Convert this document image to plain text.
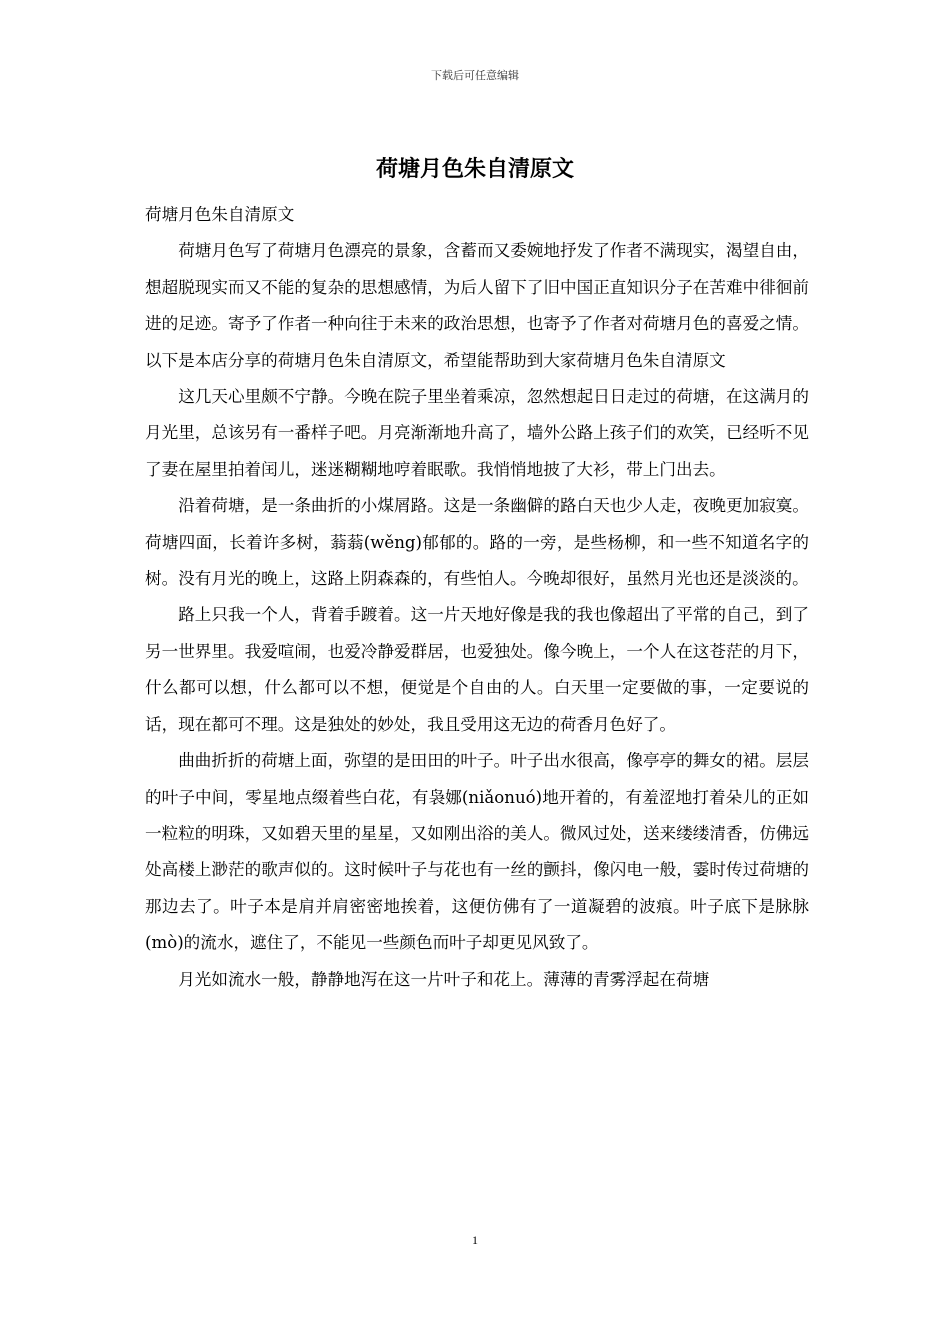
下载后可任意编辑
荷塘月色朱自清原文

荷塘月色朱自清原文

荷塘月色写了荷塘月色漂亮的景象，含蓄而又委婉地抒发了作者不满现实，渴望自由，想超脱现实而又不能的复杂的思想感情，为后人留下了旧中国正直知识分子在苦难中徘徊前进的足迹。寄予了作者一种向往于未来的政治思想，也寄予了作者对荷塘月色的喜爱之情。以下是本店分享的荷塘月色朱自清原文，希望能帮助到大家荷塘月色朱自清原文

这几天心里颇不宁静。今晚在院子里坐着乘凉，忽然想起日日走过的荷塘，在这满月的月光里，总该另有一番样子吧。月亮渐渐地升高了，墙外公路上孩子们的欢笑，已经听不见了妻在屋里拍着闰儿，迷迷糊糊地哼着眠歌。我悄悄地披了大衫，带上门出去。

沿着荷塘，是一条曲折的小煤屑路。这是一条幽僻的路白天也少人走，夜晚更加寂寞。荷塘四面，长着许多树，蓊蓊(wěng)郁郁的。路的一旁，是些杨柳，和一些不知道名字的树。没有月光的晚上，这路上阴森森的，有些怕人。今晚却很好，虽然月光也还是淡淡的。

路上只我一个人，背着手踱着。这一片天地好像是我的我也像超出了平常的自己，到了另一世界里。我爱喧闹，也爱冷静爱群居，也爱独处。像今晚上，一个人在这苍茫的月下，什么都可以想，什么都可以不想，便觉是个自由的人。白天里一定要做的事，一定要说的话，现在都可不理。这是独处的妙处，我且受用这无边的荷香月色好了。

曲曲折折的荷塘上面，弥望的是田田的叶子。叶子出水很高，像亭亭的舞女的裙。层层的叶子中间，零星地点缀着些白花，有袅娜(niǎonuó)地开着的，有羞涩地打着朵儿的正如一粒粒的明珠，又如碧天里的星星，又如刚出浴的美人。微风过处，送来缕缕清香，仿佛远处高楼上渺茫的歌声似的。这时候叶子与花也有一丝的颤抖，像闪电一般，霎时传过荷塘的那边去了。叶子本是肩并肩密密地挨着，这便仿佛有了一道凝碧的波痕。叶子底下是脉脉(mò)的流水，遮住了，不能见一些颜色而叶子却更见风致了。

月光如流水一般，静静地泻在这一片叶子和花上。薄薄的青雾浮起在荷塘

1
